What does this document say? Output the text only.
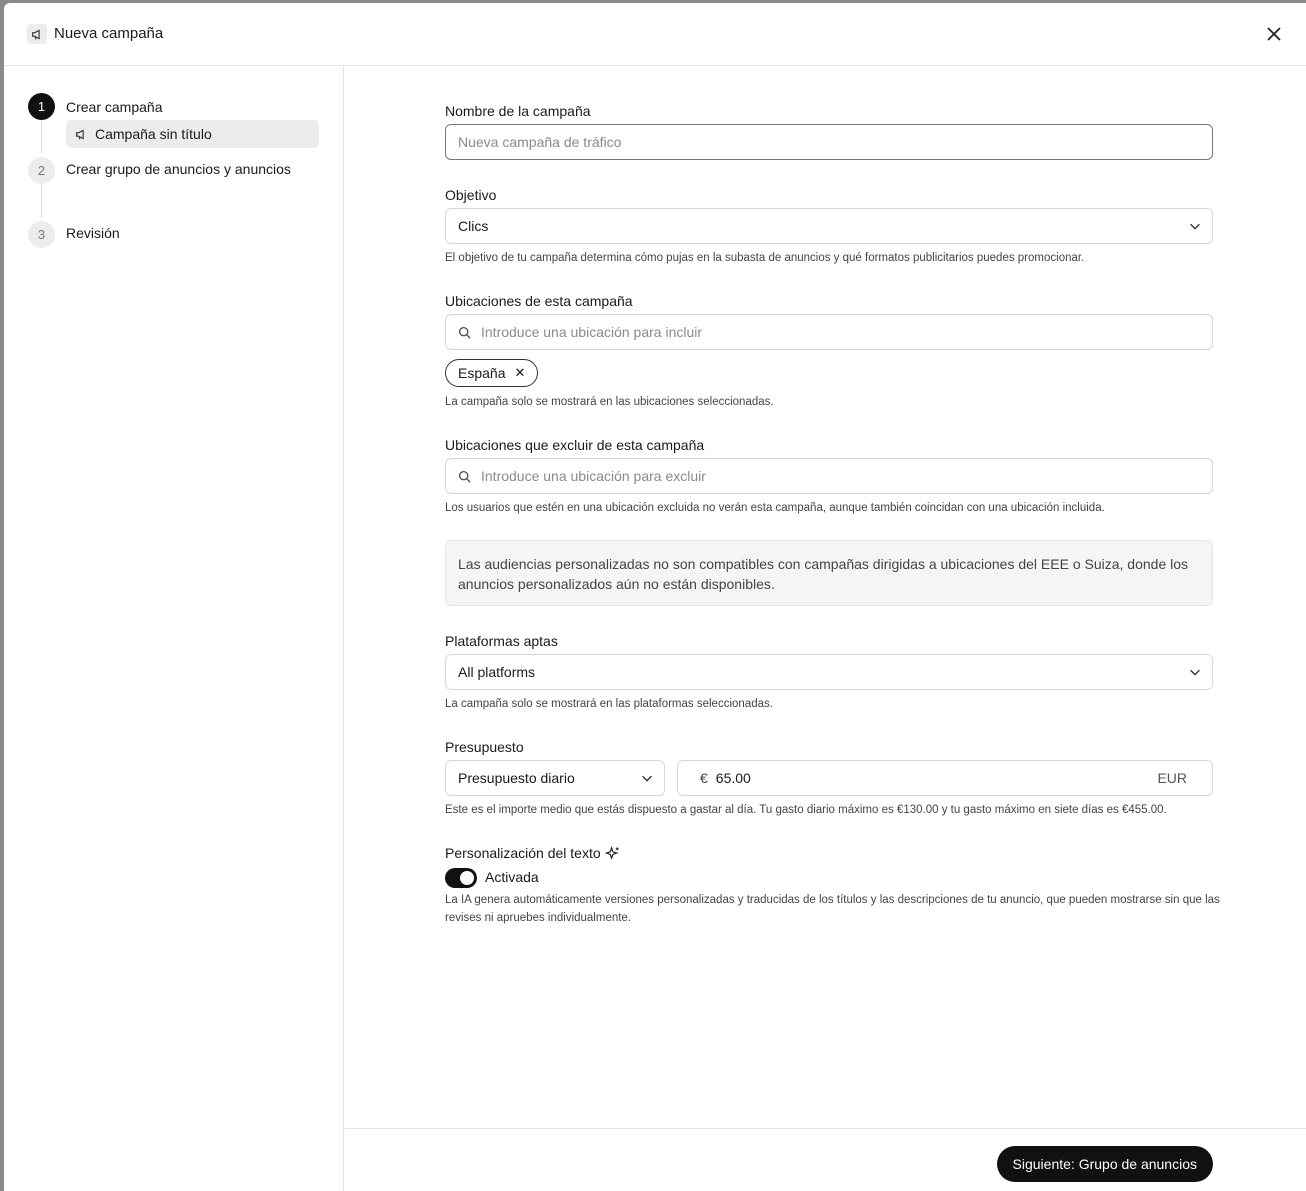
Nueva campaña
1	Crear campaña
Campaña sin título
2	Crear grupo de anuncios y anuncios
3	Revisión
Nombre de la campaña
Nueva campaña de tráfico
Objetivo
Clics
El objetivo de tu campaña determina cómo pujas en la subasta de anuncios y qué formatos publicitarios puedes promocionar.
Ubicaciones de esta campaña
Introduce una ubicación para incluir
España ✕
La campaña solo se mostrará en las ubicaciones seleccionadas.
Ubicaciones que excluir de esta campaña
Introduce una ubicación para excluir
Los usuarios que estén en una ubicación excluida no verán esta campaña, aunque también coincidan con una ubicación incluida.
Las audiencias personalizadas no son compatibles con campañas dirigidas a ubicaciones del EEE o Suiza, donde los anuncios personalizados aún no están disponibles.
Plataformas aptas
All platforms
La campaña solo se mostrará en las plataformas seleccionadas.
Presupuesto
Presupuesto diario	€ 65.00	EUR
Este es el importe medio que estás dispuesto a gastar al día. Tu gasto diario máximo es €130.00 y tu gasto máximo en siete días es €455.00.
Personalización del texto
Activada
La IA genera automáticamente versiones personalizadas y traducidas de los títulos y las descripciones de tu anuncio, que pueden mostrarse sin que las revises ni apruebes individualmente.
Siguiente: Grupo de anuncios
